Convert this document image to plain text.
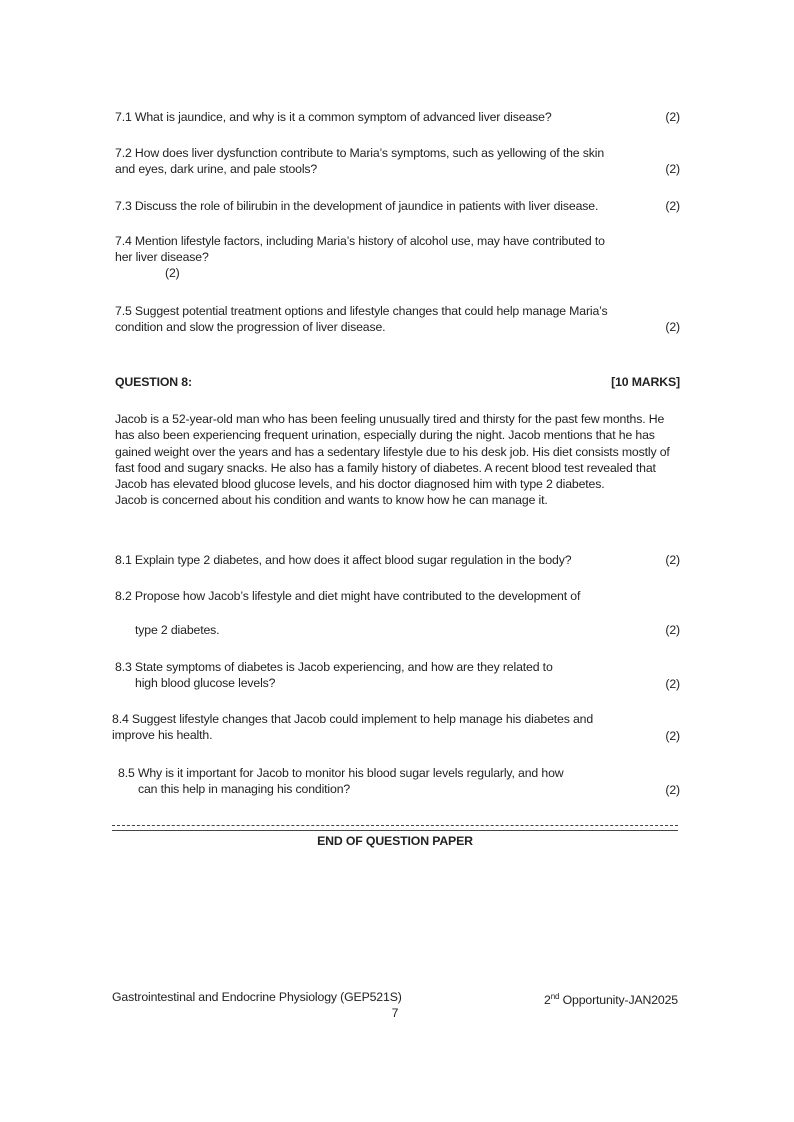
7.1 What is jaundice, and why is it a common symptom of advanced liver disease?	(2)
7.2 How does liver dysfunction contribute to Maria’s symptoms, such as yellowing of the skin
and eyes, dark urine, and pale stools?	(2)
7.3 Discuss the role of bilirubin in the development of jaundice in patients with liver disease.	(2)
7.4 Mention lifestyle factors, including Maria’s history of alcohol use, may have contributed to
her liver disease?
(2)
7.5 Suggest potential treatment options and lifestyle changes that could help manage Maria’s
condition and slow the progression of liver disease.	(2)
QUESTION 8:	[10 MARKS]
Jacob is a 52-year-old man who has been feeling unusually tired and thirsty for the past few months. He has also been experiencing frequent urination, especially during the night. Jacob mentions that he has gained weight over the years and has a sedentary lifestyle due to his desk job. His diet consists mostly of fast food and sugary snacks. He also has a family history of diabetes. A recent blood test revealed that Jacob has elevated blood glucose levels, and his doctor diagnosed him with type 2 diabetes.
Jacob is concerned about his condition and wants to know how he can manage it.
8.1 Explain type 2 diabetes, and how does it affect blood sugar regulation in the body?	(2)
8.2 Propose how Jacob’s lifestyle and diet might have contributed to the development of
type 2 diabetes.	(2)
8.3 State symptoms of diabetes is Jacob experiencing, and how are they related to
high blood glucose levels?	(2)
8.4 Suggest lifestyle changes that Jacob could implement to help manage his diabetes and
improve his health.	(2)
8.5 Why is it important for Jacob to monitor his blood sugar levels regularly, and how
can this help in managing his condition?	(2)
END OF QUESTION PAPER
Gastrointestinal and Endocrine Physiology (GEP521S)	2nd Opportunity-JAN2025
7
